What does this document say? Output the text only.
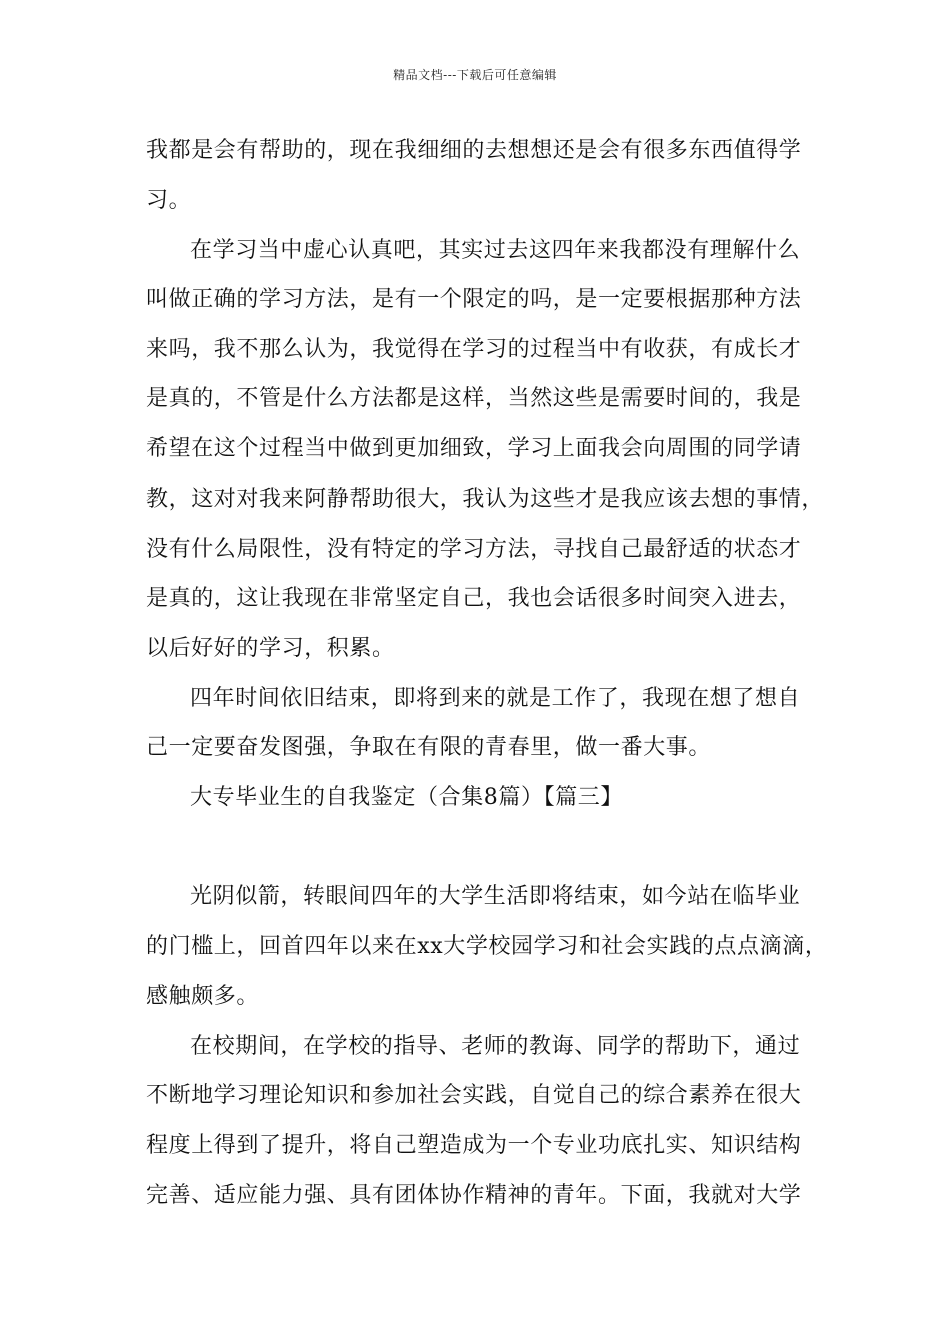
精品文档---下载后可任意编辑
我都是会有帮助的，现在我细细的去想想还是会有很多东西值得学
习。
在学习当中虚心认真吧，其实过去这四年来我都没有理解什么
叫做正确的学习方法，是有一个限定的吗，是一定要根据那种方法
来吗，我不那么认为，我觉得在学习的过程当中有收获，有成长才
是真的，不管是什么方法都是这样，当然这些是需要时间的，我是
希望在这个过程当中做到更加细致，学习上面我会向周围的同学请
教，这对对我来阿静帮助很大，我认为这些才是我应该去想的事情，
没有什么局限性，没有特定的学习方法，寻找自己最舒适的状态才
是真的，这让我现在非常坚定自己，我也会话很多时间突入进去，
以后好好的学习，积累。
四年时间依旧结束，即将到来的就是工作了，我现在想了想自
己一定要奋发图强，争取在有限的青春里，做一番大事。
大专毕业生的自我鉴定（合集8篇）【篇三】
光阴似箭，转眼间四年的大学生活即将结束，如今站在临毕业
的门槛上，回首四年以来在xx大学校园学习和社会实践的点点滴滴，
感触颇多。
在校期间，在学校的指导、老师的教诲、同学的帮助下，通过
不断地学习理论知识和参加社会实践，自觉自己的综合素养在很大
程度上得到了提升，将自己塑造成为一个专业功底扎实、知识结构
完善、适应能力强、具有团体协作精神的青年。下面，我就对大学
